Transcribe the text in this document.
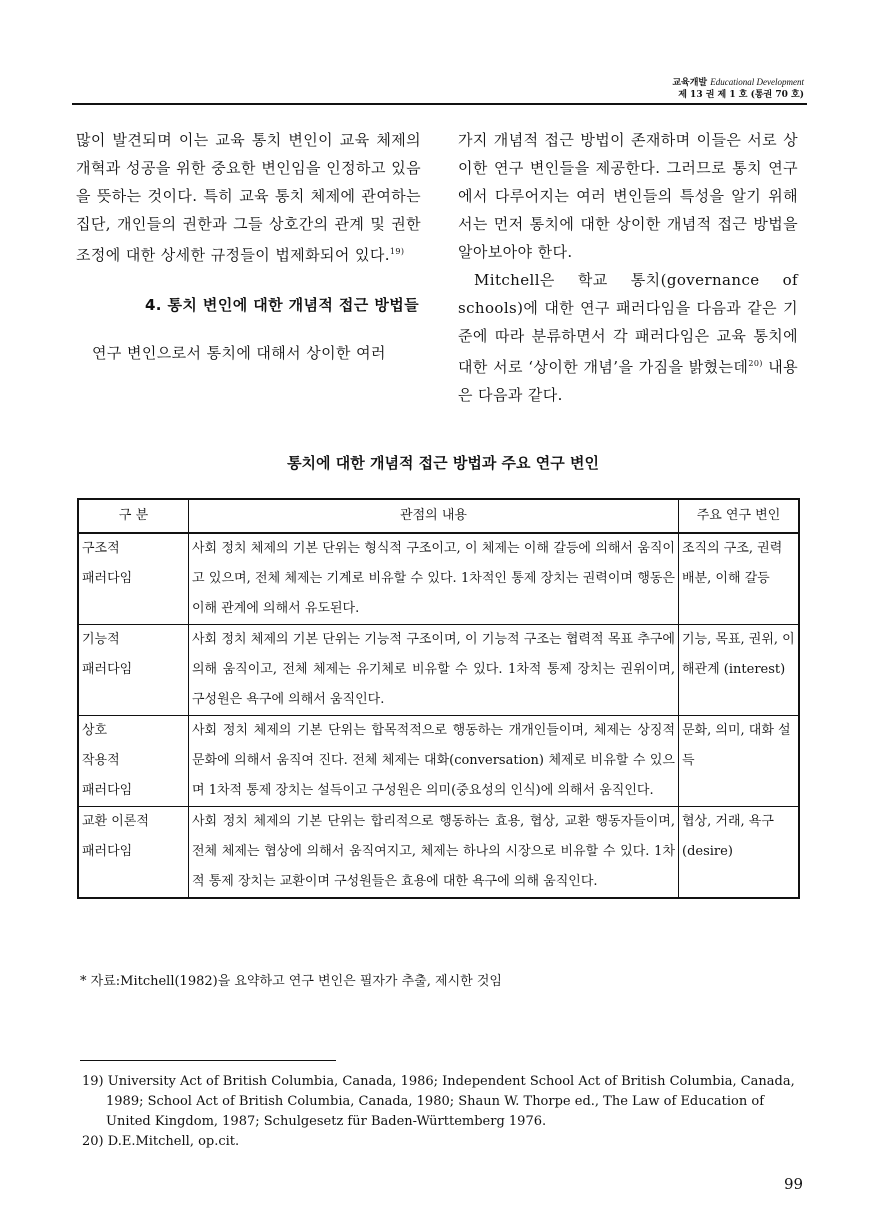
교육개발 Educational Development
제 13 권 제 1 호 (통권 70 호)

많이 발견되며 이는 교육 통치 변인이 교육 체제의 개혁과 성공을 위한 중요한 변인임을 인정하고 있음을 뜻하는 것이다. 특히 교육 통치 체제에 관여하는 집단, 개인들의 권한과 그들 상호간의 관계 및 권한 조정에 대한 상세한 규정들이 법제화되어 있다.$^{19)}$

4. 통치 변인에 대한 개념적 접근 방법들

연구 변인으로서 통치에 대해서 상이한 여러

가지 개념적 접근 방법이 존재하며 이들은 서로 상이한 연구 변인들을 제공한다. 그러므로 통치 연구에서 다루어지는 여러 변인들의 특성을 알기 위해서는 먼저 통치에 대한 상이한 개념적 접근 방법을 알아보아야 한다.

Mitchell은 학교 통치(governance of schools)에 대한 연구 패러다임을 다음과 같은 기준에 따라 분류하면서 각 패러다임은 교육 통치에 대한 서로 ‘상이한 개념’을 가짐을 밝혔는데$^{20)}$ 내용은 다음과 같다.

통치에 대한 개념적 접근 방법과 주요 연구 변인
구 분	관점의 내용	주요 연구 변인
구조적
패러다임	사회 정치 체제의 기본 단위는 형식적 구조이고, 이 체제는 이해 갈등에 의해서 움직이고 있으며, 전체 체제는 기계로 비유할 수 있다. 1차적인 통제 장치는 권력이며 행동은 이해 관계에 의해서 유도된다.	조직의 구조, 권력 배분, 이해 갈등
기능적
패러다임	사회 정치 체제의 기본 단위는 기능적 구조이며, 이 기능적 구조는 협력적 목표 추구에 의해 움직이고, 전체 체제는 유기체로 비유할 수 있다. 1차적 통제 장치는 권위이며, 구성원은 욕구에 의해서 움직인다.	기능, 목표, 권위, 이해관계 (interest)
상호
작용적
패러다임	사회 정치 체제의 기본 단위는 합목적적으로 행동하는 개개인들이며, 체제는 상징적 문화에 의해서 움직여 진다. 전체 체제는 대화(conversation) 체제로 비유할 수 있으며 1차적 통제 장치는 설득이고 구성원은 의미(중요성의 인식)에 의해서 움직인다.	문화, 의미, 대화 설득
교환 이론적
패러다임	사회 정치 체제의 기본 단위는 합리적으로 행동하는 효용, 협상, 교환 행동자들이며, 전체 체제는 협상에 의해서 움직여지고, 체제는 하나의 시장으로 비유할 수 있다. 1차적 통제 장치는 교환이며 구성원들은 효용에 대한 욕구에 의해 움직인다.	협상, 거래, 욕구 (desire)
* 자료:Mitchell(1982)을 요약하고 연구 변인은 필자가 추출, 제시한 것임

19) University Act of British Columbia, Canada, 1986; Independent School Act of British Columbia, Canada, 1989; School Act of British Columbia, Canada, 1980; Shaun W. Thorpe ed., The Law of Education of United Kingdom, 1987; Schulgesetz für Baden-Württemberg 1976.

20) D.E.Mitchell, op.cit.

99
